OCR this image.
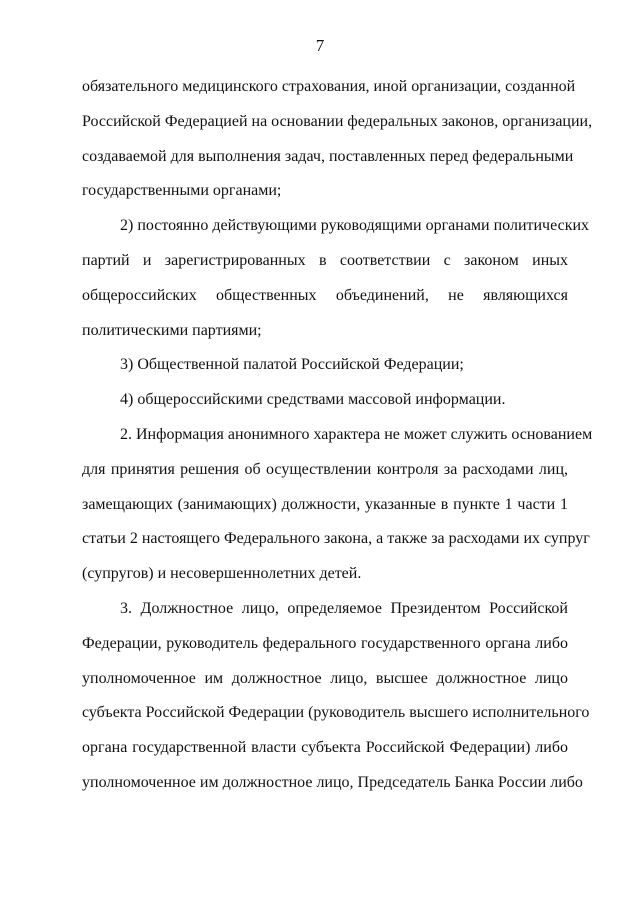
7
обязательного медицинского страхования, иной организации, созданной
Российской Федерацией на основании федеральных законов, организации,
создаваемой для выполнения задач, поставленных перед федеральными
государственными органами;
2) постоянно действующими руководящими органами политических
партий и зарегистрированных в соответствии с законом иных
общероссийских общественных объединений, не являющихся
политическими партиями;
3) Общественной палатой Российской Федерации;
4) общероссийскими средствами массовой информации.
2. Информация анонимного характера не может служить основанием
для принятия решения об осуществлении контроля за расходами лиц,
замещающих (занимающих) должности, указанные в пункте 1 части 1
статьи 2 настоящего Федерального закона, а также за расходами их супруг
(супругов) и несовершеннолетних детей.
3. Должностное лицо, определяемое Президентом Российской
Федерации, руководитель федерального государственного органа либо
уполномоченное им должностное лицо, высшее должностное лицо
субъекта Российской Федерации (руководитель высшего исполнительного
органа государственной власти субъекта Российской Федерации) либо
уполномоченное им должностное лицо, Председатель Банка России либо
